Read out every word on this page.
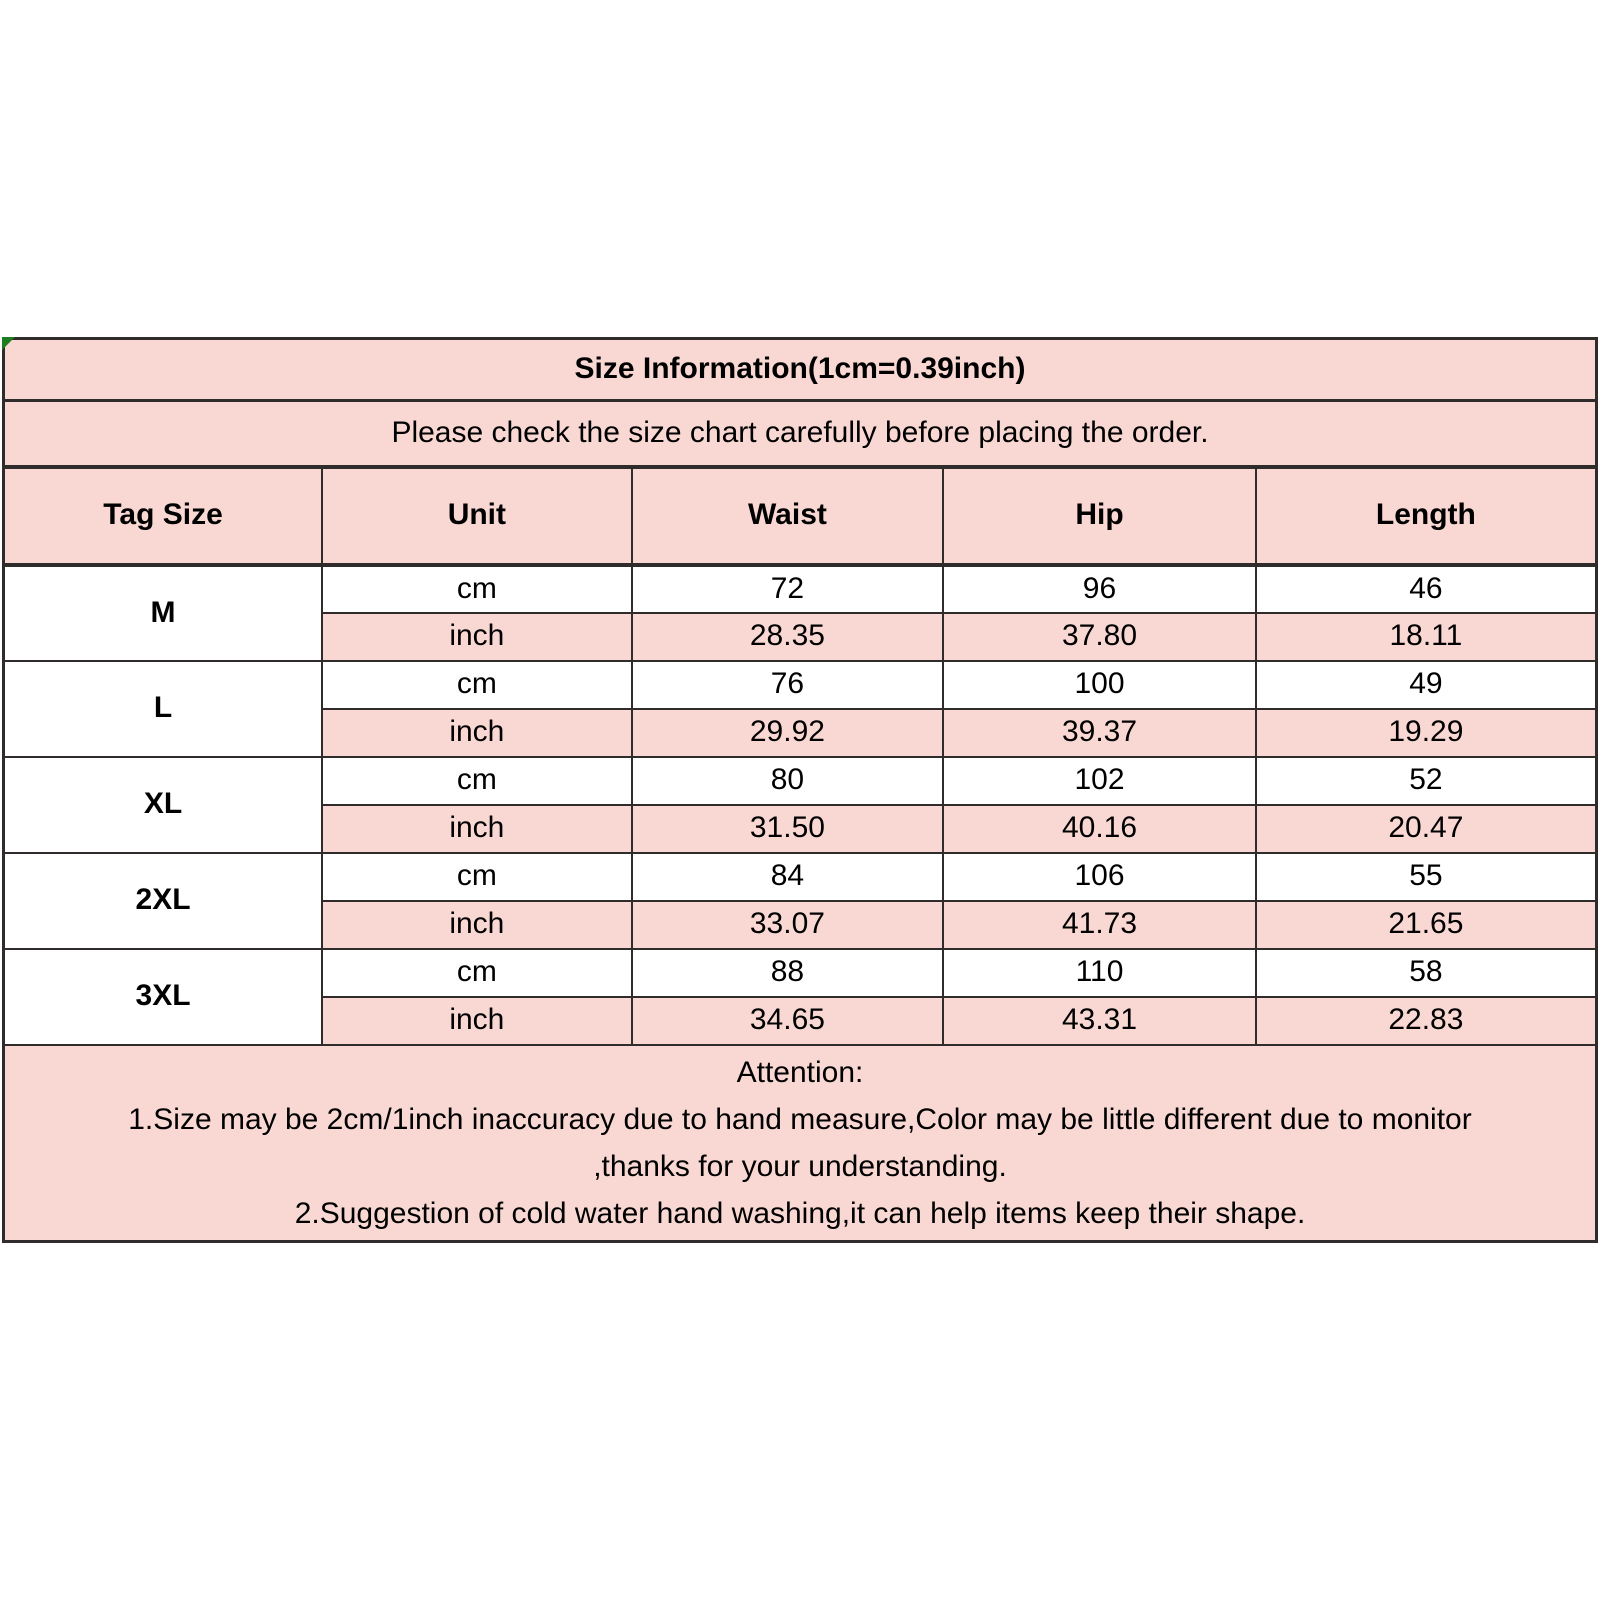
Size Information(1cm=0.39inch)				
Please check the size chart carefully before placing the order.				
Tag Size	Unit	Waist	Hip	Length
M	cm	72	96	46
	inch	28.35	37.80	18.11
L	cm	76	100	49
	inch	29.92	39.37	19.29
XL	cm	80	102	52
	inch	31.50	40.16	20.47
2XL	cm	84	106	55
	inch	33.07	41.73	21.65
3XL	cm	88	110	58
	inch	34.65	43.31	22.83

Attention:
1.Size may be 2cm/1inch inaccuracy due to hand measure,Color may be little different due to monitor
,thanks for your understanding.
2.Suggestion of cold water hand washing,it can help items keep their shape.				
